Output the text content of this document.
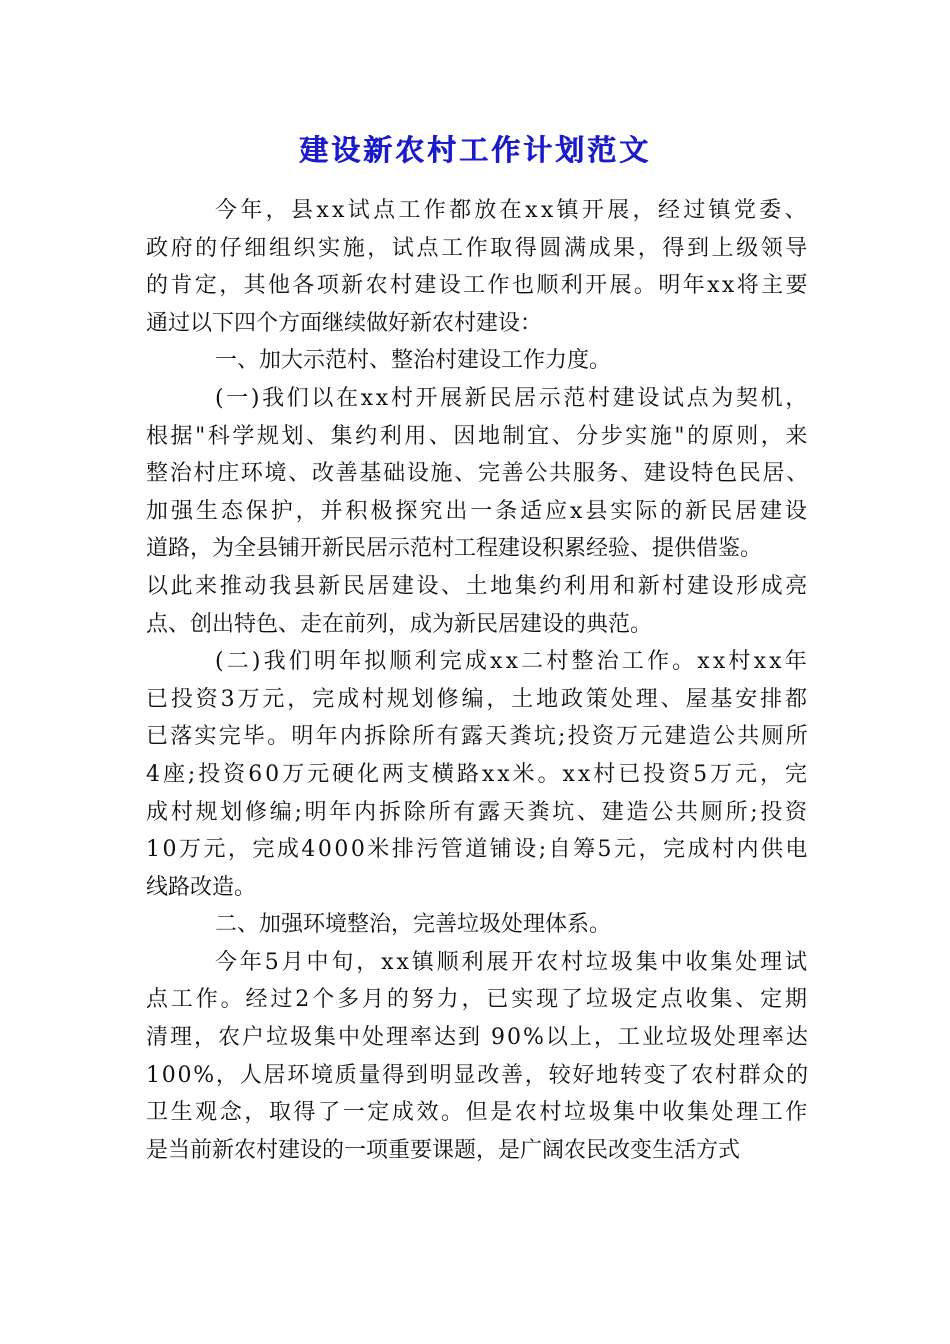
建设新农村工作计划范文
今年，县xx试点工作都放在xx镇开展，经过镇党委、
政府的仔细组织实施，试点工作取得圆满成果，得到上级领导
的肯定，其他各项新农村建设工作也顺利开展。明年xx将主要
通过以下四个方面继续做好新农村建设：
一、加大示范村、整治村建设工作力度。
(一)我们以在xx村开展新民居示范村建设试点为契机，
根据"科学规划、集约利用、因地制宜、分步实施"的原则，来
整治村庄环境、改善基础设施、完善公共服务、建设特色民居、
加强生态保护，并积极探究出一条适应x县实际的新民居建设
道路，为全县铺开新民居示范村工程建设积累经验、提供借鉴。
以此来推动我县新民居建设、土地集约利用和新村建设形成亮
点、创出特色、走在前列，成为新民居建设的典范。
(二)我们明年拟顺利完成xx二村整治工作。xx村xx年
已投资3万元，完成村规划修编，土地政策处理、屋基安排都
已落实完毕。明年内拆除所有露天粪坑;投资万元建造公共厕所
4座;投资60万元硬化两支横路xx米。xx村已投资5万元，完
成村规划修编;明年内拆除所有露天粪坑、建造公共厕所;投资
10万元，完成4000米排污管道铺设;自筹5元，完成村内供电
线路改造。
二、加强环境整治，完善垃圾处理体系。
今年5月中旬，xx镇顺利展开农村垃圾集中收集处理试
点工作。经过2个多月的努力，已实现了垃圾定点收集、定期
清理，农户垃圾集中处理率达到 90%以上，工业垃圾处理率达
100%，人居环境质量得到明显改善，较好地转变了农村群众的
卫生观念，取得了一定成效。但是农村垃圾集中收集处理工作
是当前新农村建设的一项重要课题，是广阔农民改变生活方式
